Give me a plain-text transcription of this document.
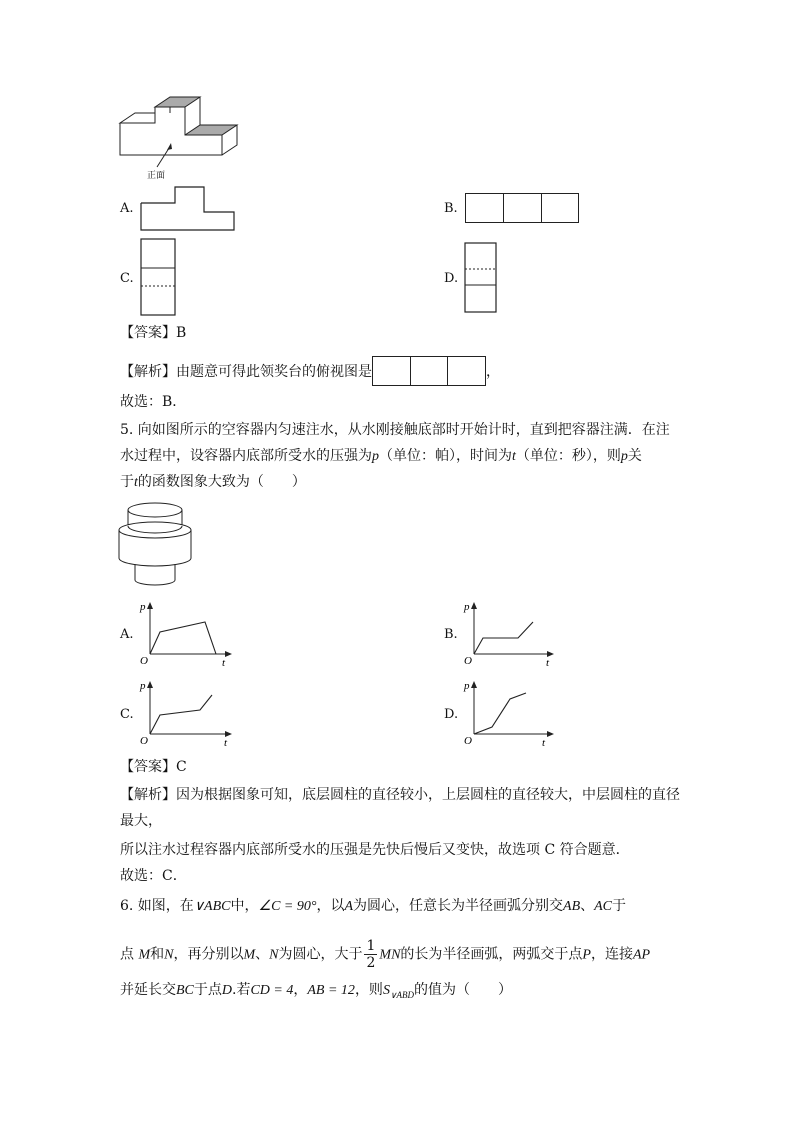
正面
A.	B.
C.	D.
【答案】B
【解析】由题意可得此领奖台的俯视图是	，
故选：B．
5. 向如图所示的空容器内匀速注水，从水刚接触底部时开始计时，直到把容器注满．在注
水过程中，设容器内底部所受水的压强为p（单位：帕），时间为t（单位：秒），则p关
于t的函数图象大致为（　　）
A.
p
t
O
B.
p
t
O
C.
p
t
O
D.
p
t
O
【答案】C
【解析】因为根据图象可知，底层圆柱的直径较小，上层圆柱的直径较大，中层圆柱的直径
最大，
所以注水过程容器内底部所受水的压强是先快后慢后又变快，故选项 C 符合题意．
故选：C．
6. 如图，在∨ABC中，∠C = 90°，以A为圆心，任意长为半径画弧分别交AB、AC于
点 M和N，再分别以M、N为圆心，大于 $\frac{1}{2}$ MN的长为半径画弧，两弧交于点P，连接AP
并延长交BC于点D.若CD = 4，AB = 12，则$S_{\vee ABD}$的值为（　　）
